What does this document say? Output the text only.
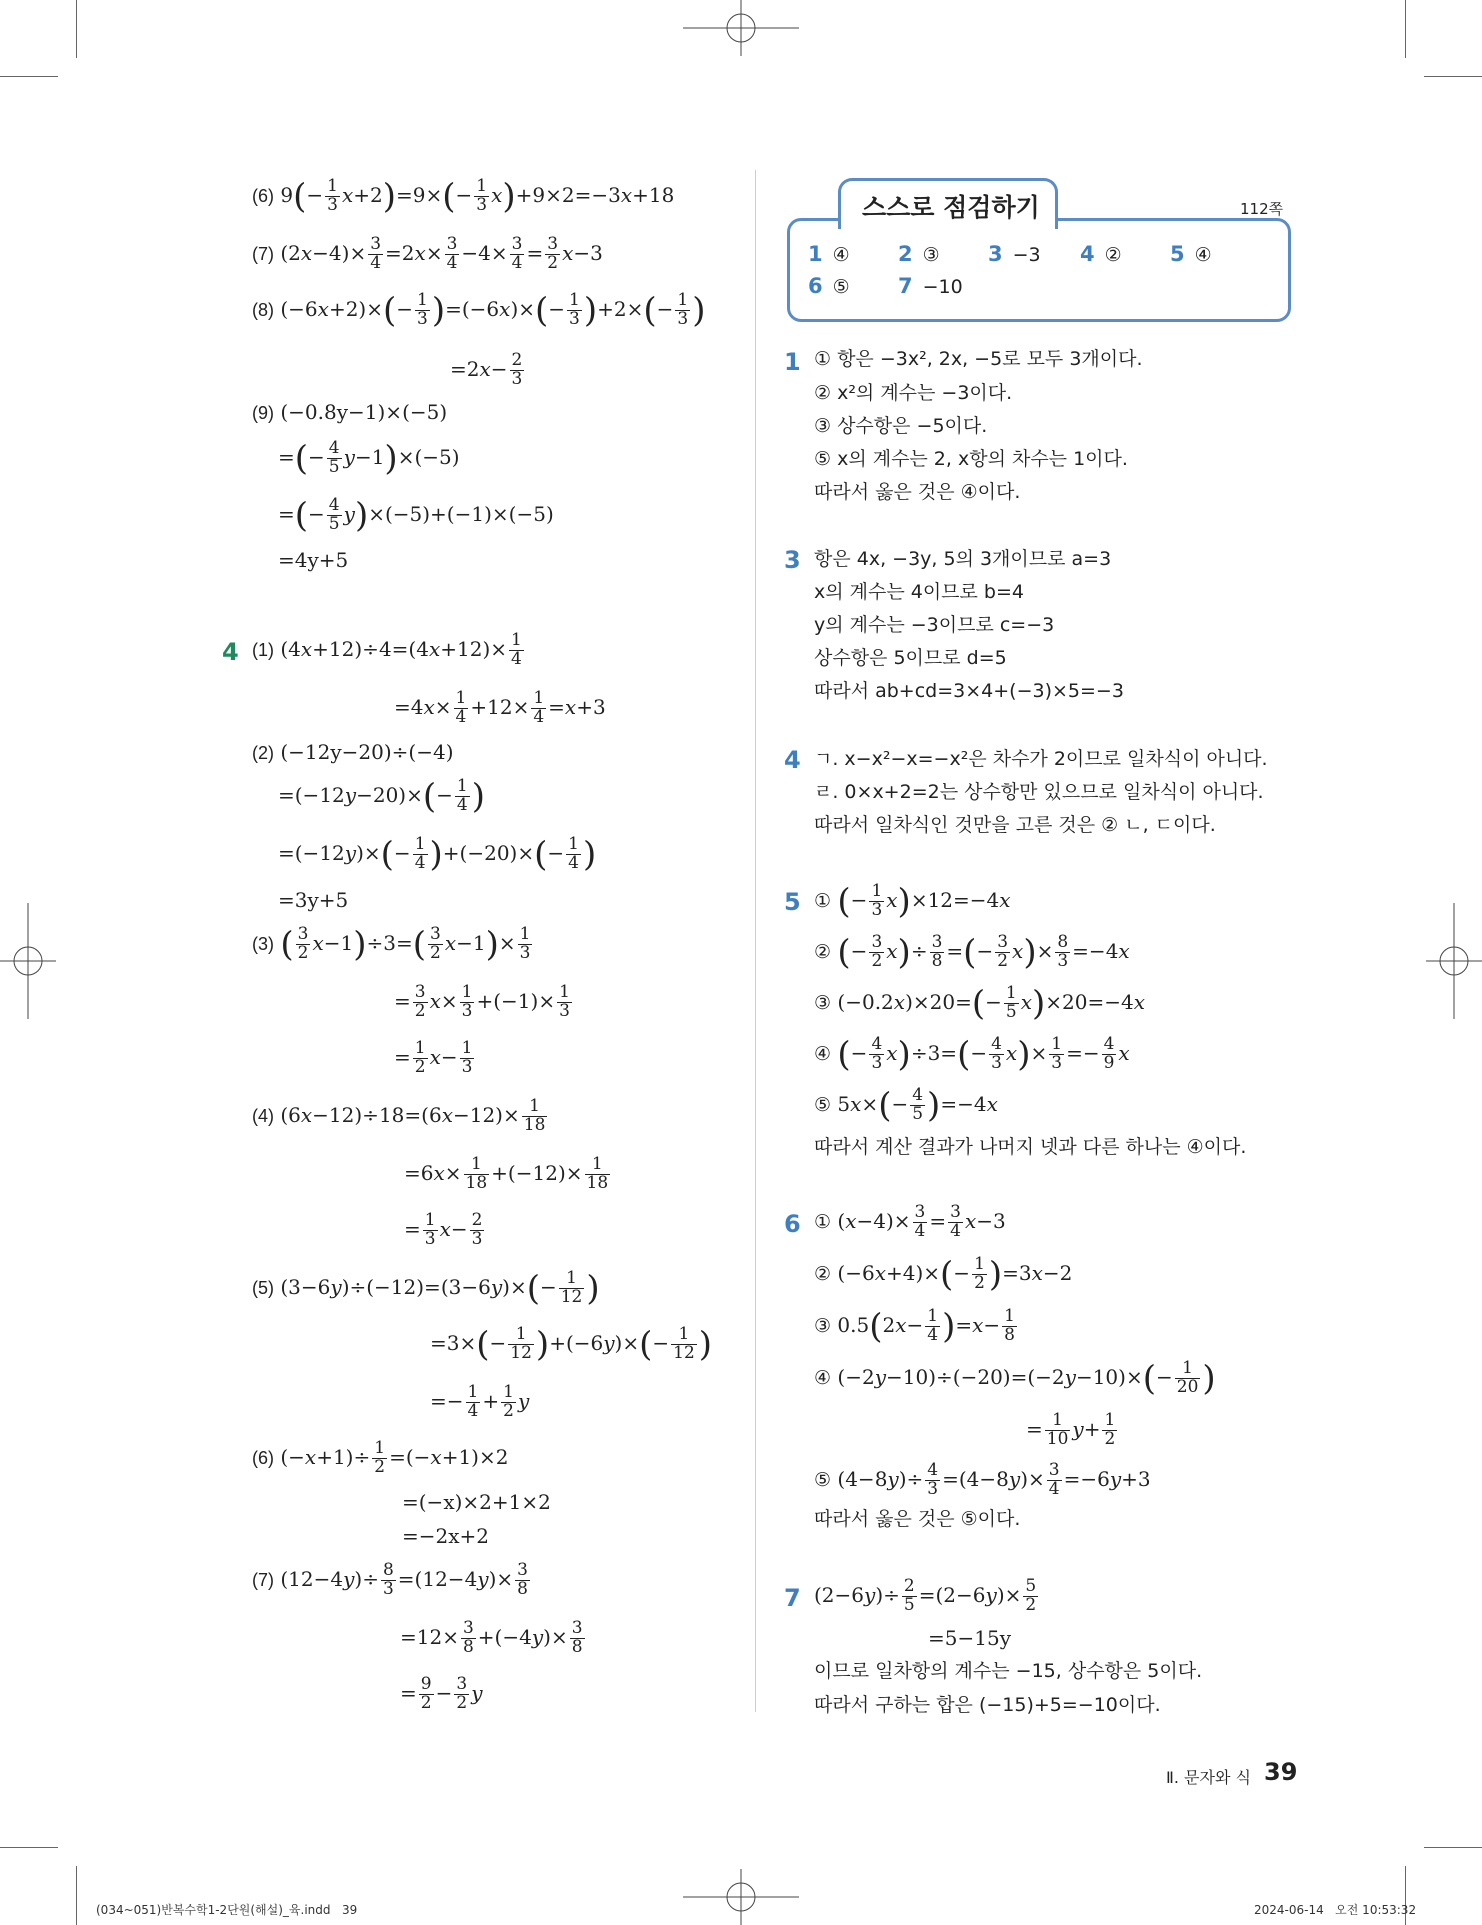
(6) $9(- \frac{1}{3} x+2)=9\times(- \frac{1}{3} x)+9\times 2=-3x+18$
(7) $(2x-4)\times \frac{3}{4} =2x\times \frac{3}{4} -4\times \frac{3}{4} = \frac{3}{2} x-3$
(8) $(-6x+2)\times(- \frac{1}{3} )=(-6x)\times(- \frac{1}{3} )+2\times(- \frac{1}{3}$ )
$=2x- \frac{2}{3}$
(9) (−0.8y−1)×(−5)
=(− $\frac{4}{5} y-1)\times(-5)$
=(− $\frac{4}{5} y)\times(-5)+(-1)\times(-5)$
=4y+5
4 (1) $(4x+12)\div 4=(4x+12)\times \frac{1}{4}$
$=4x\times \frac{1}{4} +12\times \frac{1}{4} =x+3$
(2) (−12y−20)÷(−4)
$=(-12y-20)\times(- \frac{1}{4}$ )
$=(-12y)\times(- \frac{1}{4} )+(-20)\times(- \frac{1}{4}$ )
=3y+5
(3) ( $\frac{3}{2} x-1)\div 3=( \frac{3}{2} x-1)\times \frac{1}{3}$
= $\frac{3}{2} x\times \frac{1}{3} +(-1)\times \frac{1}{3}$
= $\frac{1}{2} x- \frac{1}{3}$
(4) $(6x-12)\div 18=(6x-12)\times \frac{1}{18}$
$=6x\times \frac{1}{18} +(-12)\times \frac{1}{18}$
= $\frac{1}{3} x- \frac{2}{3}$
(5) $(3-6y)\div(-12)=(3-6y)\times(- \frac{1}{12}$ )
$=3\times(- \frac{1}{12} )+(-6y)\times(- \frac{1}{12}$ )
=− $\frac{1}{4} + \frac{1}{2}$ y
(6) $(-x+1)\div \frac{1}{2} =(-x+1)\times 2$
=(−x)×2+1×2
=−2x+2
(7) $(12-4y)\div \frac{8}{3} =(12-4y)\times \frac{3}{8}$
$=12\times \frac{3}{8} +(-4y)\times \frac{3}{8}$
= $\frac{9}{2} - \frac{3}{2}$ y
스스로 점검하기	112쪽
1 ④ 2 ③ 3 −3 4 ② 5 ④
6 ⑤ 7 −10
1 ① 항은 −3x², 2x, −5로 모두 3개이다.
② x²의 계수는 −3이다.
③ 상수항은 −5이다.
⑤ x의 계수는 2, x항의 차수는 1이다.
따라서 옳은 것은 ④이다.
3 항은 4x, −3y, 5의 3개이므로 a=3
x의 계수는 4이므로 b=4
y의 계수는 −3이므로 c=−3
상수항은 5이므로 d=5
따라서 ab+cd=3×4+(−3)×5=−3
4 ㄱ. x−x²−x=−x²은 차수가 2이므로 일차식이 아니다.
ㄹ. 0×x+2=2는 상수항만 있으므로 일차식이 아니다.
따라서 일차식인 것만을 고른 것은 ② ㄴ, ㄷ이다.
5 ① (− $\frac{1}{3} x)\times 12=-4x$
② (− $\frac{3}{2} x)\div \frac{3}{8}$ =(− $\frac{3}{2} x)\times \frac{8}{3} =-4x$
③ $(-0.2x)\times 20=(- \frac{1}{5} x)\times 20=-4x$
④ (− $\frac{4}{3} x)\div 3=(- \frac{4}{3} x)\times \frac{1}{3} =- \frac{4}{9}$ x
⑤ $5x\times(- \frac{4}{5} )=-4x$
따라서 계산 결과가 나머지 넷과 다른 하나는 ④이다.
6 ① $(x-4)\times \frac{3}{4} = \frac{3}{4} x-3$
② $(-6x+4)\times(- \frac{1}{2} )=3x-2$
③ $0.5(2x- \frac{1}{4} )=x- \frac{1}{8}$
④ $(-2y-10)\div(-20)=(-2y-10)\times(- \frac{1}{20}$ )
= $\frac{1}{10} y+ \frac{1}{2}$
⑤ $(4-8y)\div \frac{4}{3} =(4-8y)\times \frac{3}{4} =-6y+3$
따라서 옳은 것은 ⑤이다.
7 $(2-6y)\div \frac{2}{5} =(2-6y)\times \frac{5}{2}$
=5−15y
이므로 일차항의 계수는 −15, 상수항은 5이다.
따라서 구하는 합은 (−15)+5=−10이다.
Ⅱ. 문자와 식 39
(034~051)반복수학1-2단원(해설)_육.indd   39	2024-06-14   오전 10:53:32
